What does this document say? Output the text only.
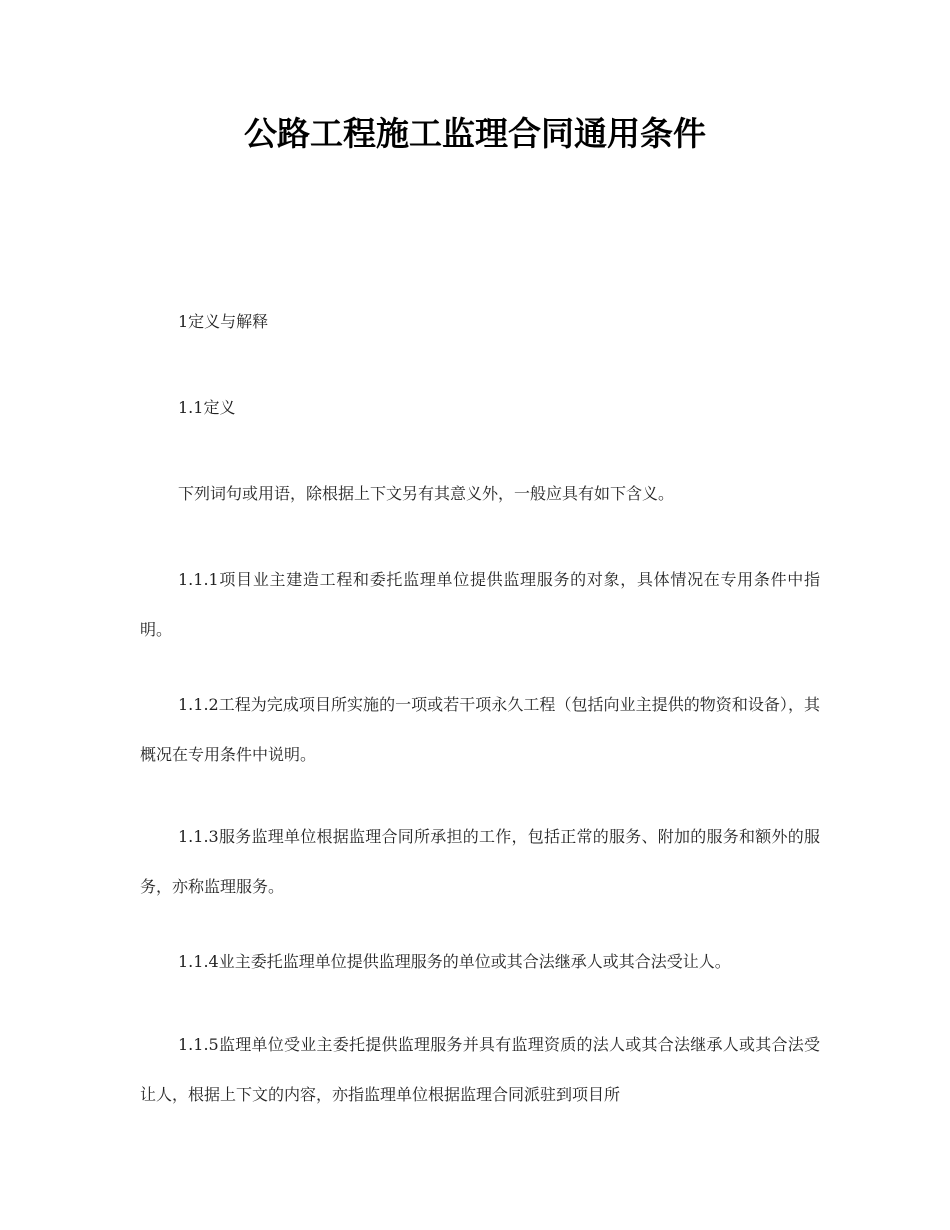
公路工程施工监理合同通用条件
1定义与解释
1.1定义
下列词句或用语，除根据上下文另有其意义外，一般应具有如下含义。
1.1.1项目业主建造工程和委托监理单位提供监理服务的对象，具体情况在专用条件中指明。
1.1.2工程为完成项目所实施的一项或若干项永久工程（包括向业主提供的物资和设备），其概况在专用条件中说明。
1.1.3服务监理单位根据监理合同所承担的工作，包括正常的服务、附加的服务和额外的服务，亦称监理服务。
1.1.4业主委托监理单位提供监理服务的单位或其合法继承人或其合法受让人。
1.1.5监理单位受业主委托提供监理服务并具有监理资质的法人或其合法继承人或其合法受让人，根据上下文的内容，亦指监理单位根据监理合同派驻到项目所
